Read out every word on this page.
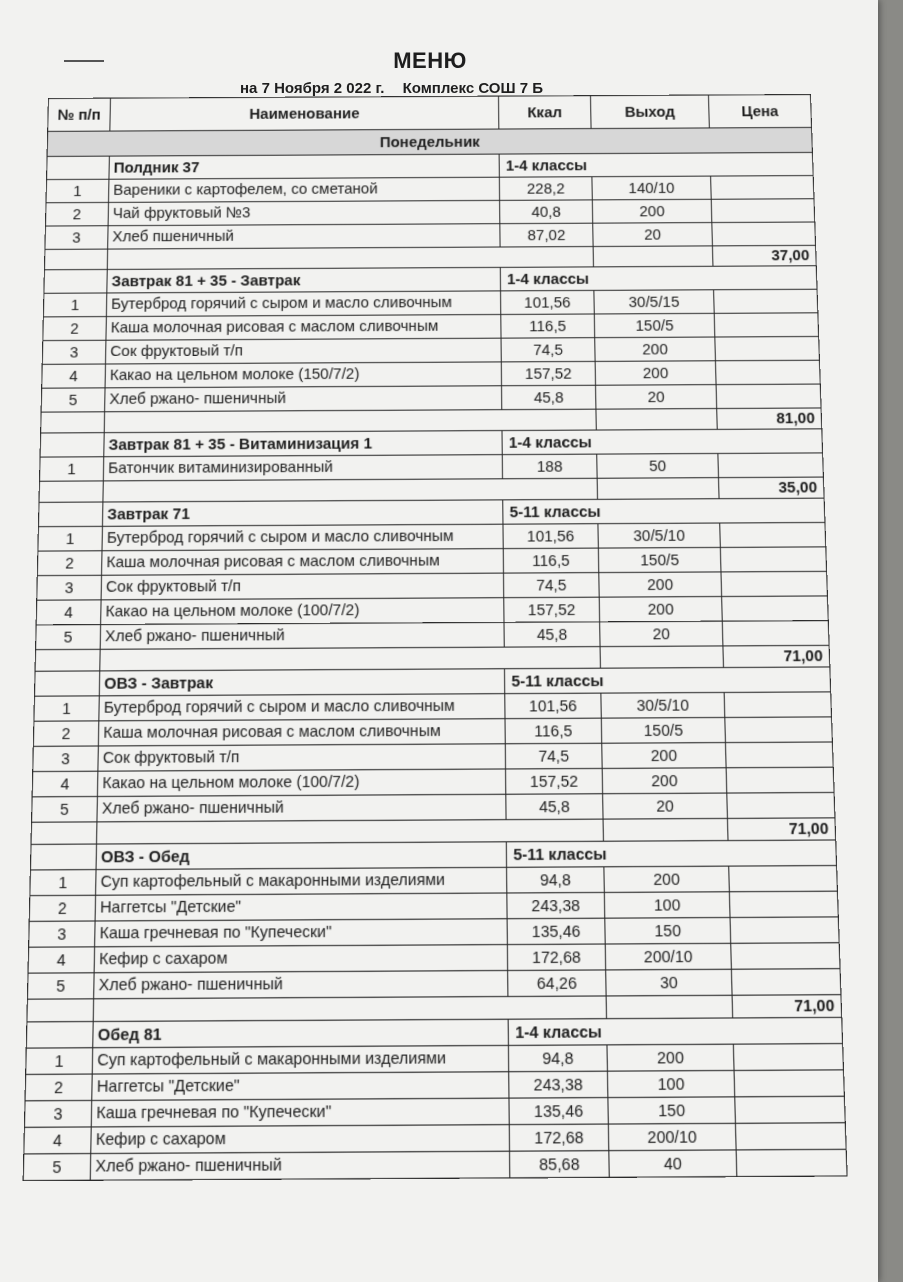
МЕНЮ
на 7 Ноября 2 022 г. Комплекс СОШ 7 Б
№ п/п	Наименование	Ккал	Выход	Цена
Понедельник				
	Полдник 37	1-4 классы		
1	Вареники с картофелем, со сметаной	228,2	140/10	
2	Чай фруктовый №3	40,8	200	
3	Хлеб пшеничный	87,02	20	
				37,00
	Завтрак 81 + 35 - Завтрак	1-4 классы		
1	Бутерброд горячий с сыром и масло сливочным	101,56	30/5/15	
2	Каша молочная рисовая с маслом сливочным	116,5	150/5	
3	Сок фруктовый т/п	74,5	200	
4	Какао на цельном молоке (150/7/2)	157,52	200	
5	Хлеб ржано- пшеничный	45,8	20	
				81,00
	Завтрак 81 + 35 - Витаминизация 1	1-4 классы		
1	Батончик витаминизированный	188	50	
				35,00
	Завтрак 71	5-11 классы		
1	Бутерброд горячий с сыром и масло сливочным	101,56	30/5/10	
2	Каша молочная рисовая с маслом сливочным	116,5	150/5	
3	Сок фруктовый т/п	74,5	200	
4	Какао на цельном молоке (100/7/2)	157,52	200	
5	Хлеб ржано- пшеничный	45,8	20	
				71,00
	ОВЗ - Завтрак	5-11 классы		
1	Бутерброд горячий с сыром и масло сливочным	101,56	30/5/10	
2	Каша молочная рисовая с маслом сливочным	116,5	150/5	
3	Сок фруктовый т/п	74,5	200	
4	Какао на цельном молоке (100/7/2)	157,52	200	
5	Хлеб ржано- пшеничный	45,8	20	
				71,00
	ОВЗ - Обед	5-11 классы		
1	Суп картофельный с макаронными изделиями	94,8	200	
2	Наггетсы "Детские"	243,38	100	
3	Каша гречневая по "Купечески"	135,46	150	
4	Кефир с сахаром	172,68	200/10	
5	Хлеб ржано- пшеничный	64,26	30	
				71,00
	Обед 81	1-4 классы		
1	Суп картофельный с макаронными изделиями	94,8	200	
2	Наггетсы "Детские"	243,38	100	
3	Каша гречневая по "Купечески"	135,46	150	
4	Кефир с сахаром	172,68	200/10	
5	Хлеб ржано- пшеничный	85,68	40	
